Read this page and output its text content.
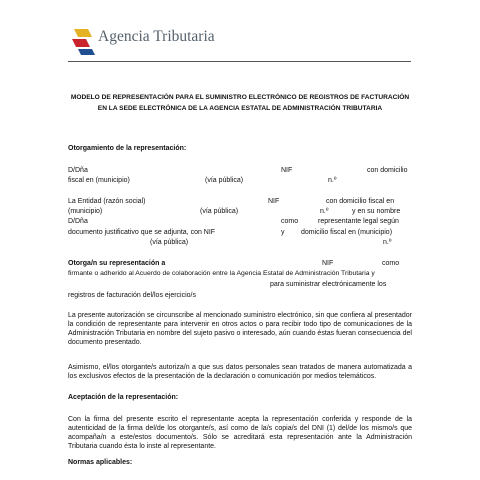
Agencia Tributaria
MODELO DE REPRESENTACIÓN PARA EL SUMINISTRO ELECTRÓNICO DE REGISTROS DE FACTURACIÓN
EN LA SEDE ELECTRÓNICA DE LA AGENCIA ESTATAL DE ADMINISTRACIÓN TRIBUTARIA
Otorgamiento de la representación:
D/Dña	NIF	con domicilio
fiscal en (municipio)	(vía pública)	n.º
La Entidad (razón social)	NIF	con domicilio fiscal en
(municipio)	(vía pública)	n.º	y en su nombre
D/Dña	como	representante legal según
documento justificativo que se adjunta, con NIF	y domicilio fiscal en (municipio)
(vía pública)	n.º
Otorga/n su representación a	NIF	como
firmante o adherido al Acuerdo de colaboración entre la Agencia Estatal de Administración Tributaria y
para suministrar electrónicamente los
registros de facturación del/los ejercicio/s
La presente autorización se circunscribe al mencionado suministro electrónico, sin que confiera al presentador la condición de representante para intervenir en otros actos o para recibir todo tipo de comunicaciones de la Administración Tributaria en nombre del sujeto pasivo o interesado, aún cuando éstas fueran consecuencia del documento presentado.
Asimismo, el/los otorgante/s autoriza/n a que sus datos personales sean tratados de manera automatizada a los exclusivos efectos de la presentación de la declaración o comunicación por medios telemáticos.
Aceptación de la representación:
Con la firma del presente escrito el representante acepta la representación conferida y responde de la autenticidad de la firma del/de los otorgante/s, así como de la/s copia/s del DNI (1) del/de los mismo/s que acompaña/n a este/estos documento/s. Sólo se acreditará esta representación ante la Administración Tributaria cuando ésta lo inste al representante.
Normas aplicables:
